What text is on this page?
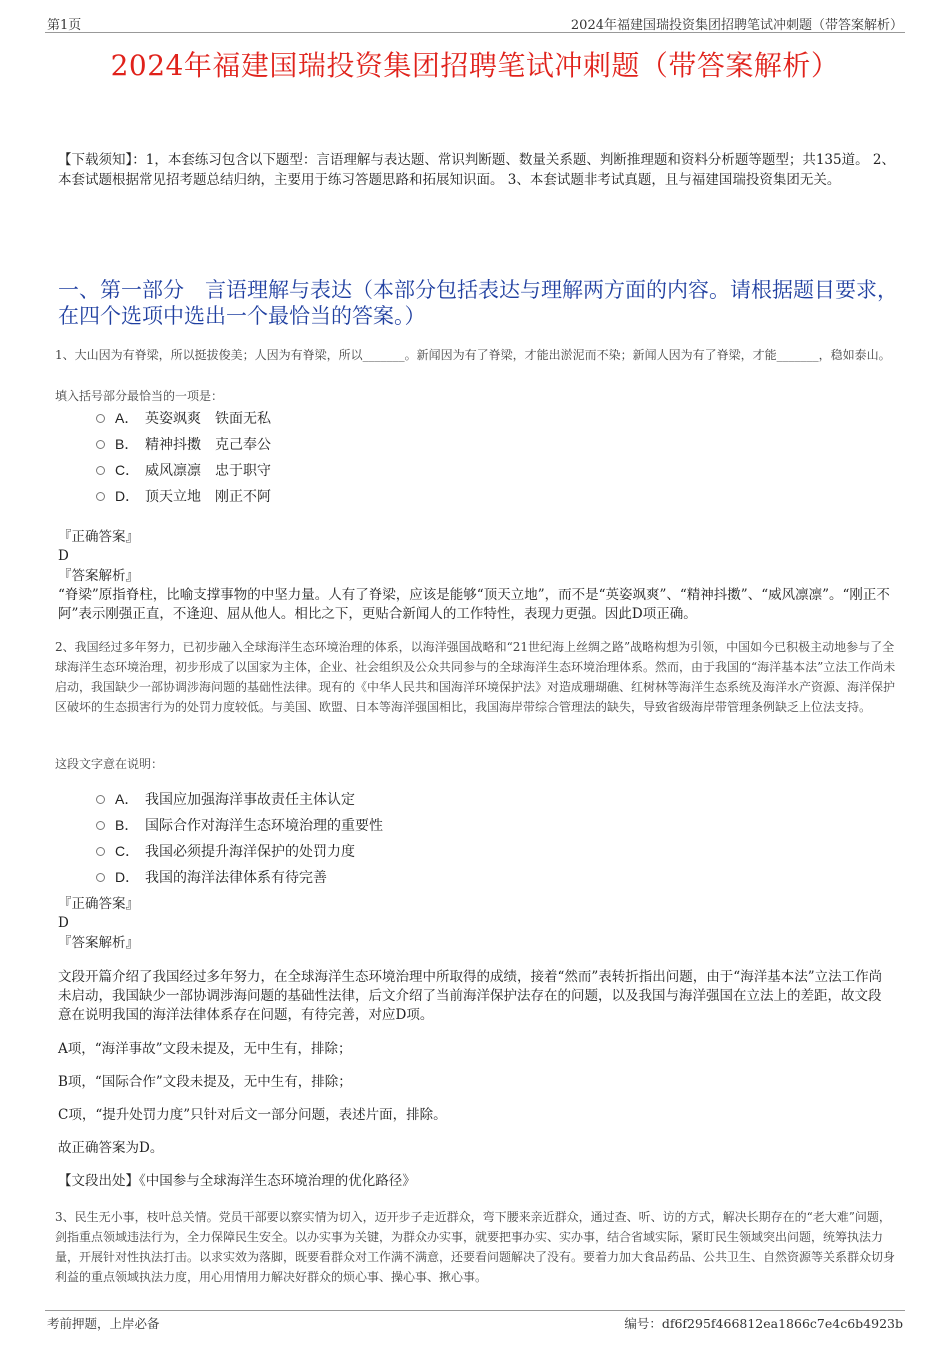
第1页	2024年福建国瑞投资集团招聘笔试冲刺题（带答案解析）
2024年福建国瑞投资集团招聘笔试冲刺题（带答案解析）
【下载须知】：1，本套练习包含以下题型：言语理解与表达题、常识判断题、数量关系题、判断推理题和资料分析题等题型；共135道。 2、本套试题根据常见招考题总结归纳，主要用于练习答题思路和拓展知识面。 3、本套试题非考试真题，且与福建国瑞投资集团无关。
一、第一部分　言语理解与表达（本部分包括表达与理解两方面的内容。请根据题目要求，在四个选项中选出一个最恰当的答案。）
1、大山因为有脊梁，所以挺拔俊美；人因为有脊梁，所以_______。新闻因为有了脊梁，才能出淤泥而不染；新闻人因为有了脊梁，才能_______，稳如泰山。
填入括号部分最恰当的一项是：
A． 英姿飒爽　铁面无私
B． 精神抖擞　克己奉公
C． 威风凛凛　忠于职守
D． 顶天立地　刚正不阿
『正确答案』
D
『答案解析』
“脊梁”原指脊柱，比喻支撑事物的中坚力量。人有了脊梁，应该是能够“顶天立地”，而不是“英姿飒爽”、“精神抖擞”、“威风凛凛”。“刚正不阿”表示刚强正直，不逢迎、屈从他人。相比之下，更贴合新闻人的工作特性，表现力更强。因此D项正确。
2、我国经过多年努力，已初步融入全球海洋生态环境治理的体系，以海洋强国战略和“21世纪海上丝绸之路”战略构想为引领，中国如今已积极主动地参与了全球海洋生态环境治理，初步形成了以国家为主体，企业、社会组织及公众共同参与的全球海洋生态环境治理体系。然而，由于我国的“海洋基本法”立法工作尚未启动，我国缺少一部协调涉海问题的基础性法律。现有的《中华人民共和国海洋环境保护法》对造成珊瑚礁、红树林等海洋生态系统及海洋水产资源、海洋保护区破坏的生态损害行为的处罚力度较低。与美国、欧盟、日本等海洋强国相比，我国海岸带综合管理法的缺失，导致省级海岸带管理条例缺乏上位法支持。
这段文字意在说明：
A． 我国应加强海洋事故责任主体认定
B． 国际合作对海洋生态环境治理的重要性
C． 我国必须提升海洋保护的处罚力度
D． 我国的海洋法律体系有待完善
『正确答案』
D
『答案解析』
文段开篇介绍了我国经过多年努力，在全球海洋生态环境治理中所取得的成绩，接着“然而”表转折指出问题，由于“海洋基本法”立法工作尚未启动，我国缺少一部协调涉海问题的基础性法律，后文介绍了当前海洋保护法存在的问题，以及我国与海洋强国在立法上的差距，故文段意在说明我国的海洋法律体系存在问题，有待完善，对应D项。
A项，“海洋事故”文段未提及，无中生有，排除；
B项，“国际合作”文段未提及，无中生有，排除；
C项，“提升处罚力度”只针对后文一部分问题，表述片面，排除。
故正确答案为D。
【文段出处】《中国参与全球海洋生态环境治理的优化路径》
3、民生无小事，枝叶总关情。党员干部要以察实情为切入，迈开步子走近群众，弯下腰来亲近群众，通过查、听、访的方式，解决长期存在的“老大难”问题，剑指重点领域违法行为，全力保障民生安全。以办实事为关键，为群众办实事，就要把事办实、实办事，结合省域实际，紧盯民生领域突出问题，统筹执法力量，开展针对性执法打击。以求实效为落脚，既要看群众对工作满不满意，还要看问题解决了没有。要着力加大食品药品、公共卫生、自然资源等关系群众切身利益的重点领域执法力度，用心用情用力解决好群众的烦心事、操心事、揪心事。
考前押题，上岸必备	编号：df6f295f466812ea1866c7e4c6b4923b
